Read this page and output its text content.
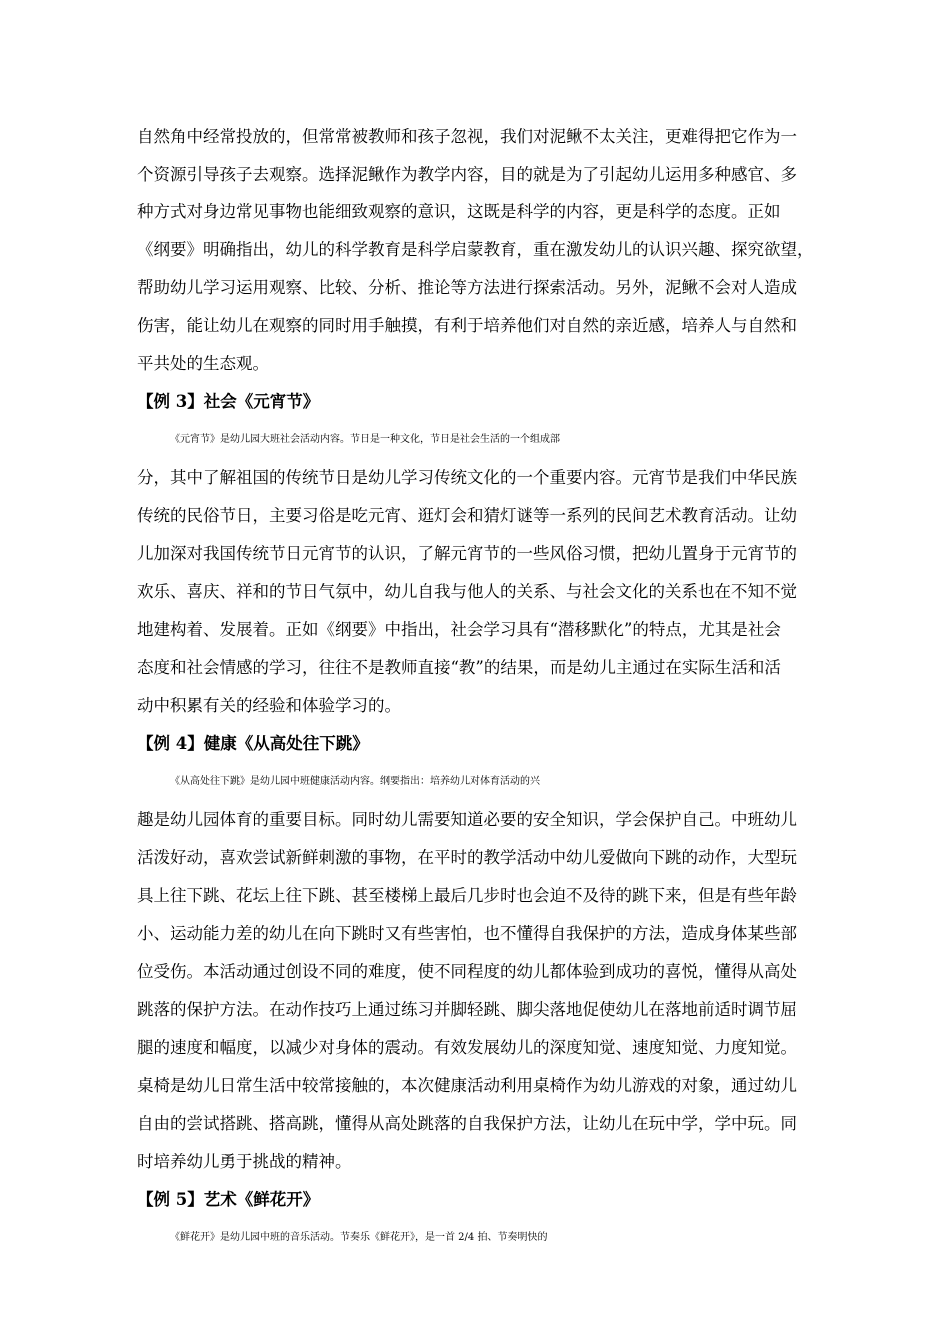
自然角中经常投放的，但常常被教师和孩子忽视，我们对泥鳅不太关注，更难得把它作为一
个资源引导孩子去观察。选择泥鳅作为教学内容，目的就是为了引起幼儿运用多种感官、多
种方式对身边常见事物也能细致观察的意识，这既是科学的内容，更是科学的态度。正如
《纲要》明确指出，幼儿的科学教育是科学启蒙教育，重在激发幼儿的认识兴趣、探究欲望，
帮助幼儿学习运用观察、比较、分析、推论等方法进行探索活动。另外，泥鳅不会对人造成
伤害，能让幼儿在观察的同时用手触摸，有利于培养他们对自然的亲近感，培养人与自然和
平共处的生态观。
【例 3】社会《元宵节》
《元宵节》是幼儿园大班社会活动内容。节日是一种文化，节日是社会生活的一个组成部
分，其中了解祖国的传统节日是幼儿学习传统文化的一个重要内容。元宵节是我们中华民族
传统的民俗节日，主要习俗是吃元宵、逛灯会和猜灯谜等一系列的民间艺术教育活动。让幼
儿加深对我国传统节日元宵节的认识，了解元宵节的一些风俗习惯，把幼儿置身于元宵节的
欢乐、喜庆、祥和的节日气氛中，幼儿自我与他人的关系、与社会文化的关系也在不知不觉
地建构着、发展着。正如《纲要》中指出，社会学习具有“潜移默化”的特点，尤其是社会
态度和社会情感的学习，往往不是教师直接“教”的结果，而是幼儿主通过在实际生活和活
动中积累有关的经验和体验学习的。
【例 4】健康《从高处往下跳》
《从高处往下跳》是幼儿园中班健康活动内容。纲要指出：培养幼儿对体育活动的兴
趣是幼儿园体育的重要目标。同时幼儿需要知道必要的安全知识，学会保护自己。中班幼儿
活泼好动，喜欢尝试新鲜刺激的事物，在平时的教学活动中幼儿爱做向下跳的动作，大型玩
具上往下跳、花坛上往下跳、甚至楼梯上最后几步时也会迫不及待的跳下来，但是有些年龄
小、运动能力差的幼儿在向下跳时又有些害怕，也不懂得自我保护的方法，造成身体某些部
位受伤。本活动通过创设不同的难度，使不同程度的幼儿都体验到成功的喜悦，懂得从高处
跳落的保护方法。在动作技巧上通过练习并脚轻跳、脚尖落地促使幼儿在落地前适时调节屈
腿的速度和幅度，以减少对身体的震动。有效发展幼儿的深度知觉、速度知觉、力度知觉。
桌椅是幼儿日常生活中较常接触的，本次健康活动利用桌椅作为幼儿游戏的对象，通过幼儿
自由的尝试搭跳、搭高跳，懂得从高处跳落的自我保护方法，让幼儿在玩中学，学中玩。同
时培养幼儿勇于挑战的精神。
【例 5】艺术《鲜花开》
《鲜花开》是幼儿园中班的音乐活动。节奏乐《鲜花开》，是一首 2/4 拍、节奏明快的
